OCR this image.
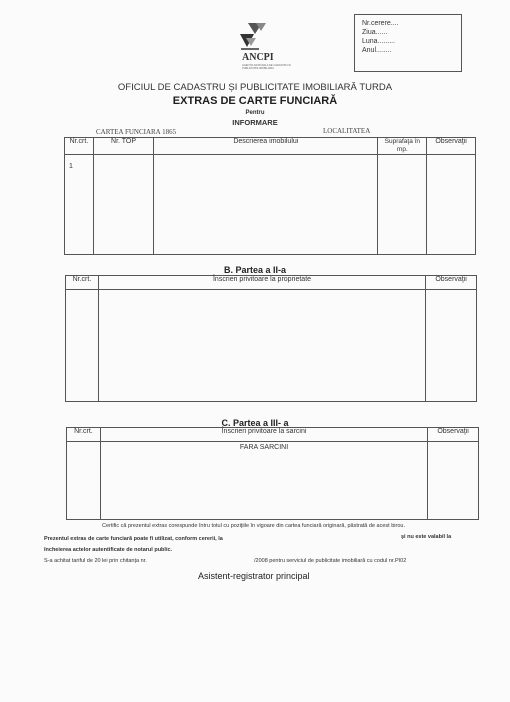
ANCPI
AGENTIA NATIONALA DE CADASTRU SI PUBLICITATE IMOBILIARA
Nr.cerere....
Ziua......
Luna.........
Anul........
OFICIUL DE CADASTRU ȘI PUBLICITATE IMOBILIARĂ TURDA
EXTRAS DE CARTE FUNCIARĂ
Pentru
INFORMARE
CARTEA FUNCIARA 1865	LOCALITATEA
Nr.crt.	Nr. TOP	Descrierea imobilului	Suprafaţa în mp.	Observaţii
1				
B. Partea a II-a
Nr.crt.	Înscrieri privitoare la proprietate	Observaţii

C. Partea a III- a
Nr.crt.	Înscrieri privitoare la sarcini	Observaţii
	FARA SARCINI	
Certific că prezentul extras corespunde întru totul cu poziţiile în vigoare din cartea funciară originară, păstrată de acest birou.
Prezentul extras de carte funciară poate fi utilizat, conform cererii, la	şi nu este valabil la
încheierea actelor autentificate de notarul public.
S-a achitat tariful de 20 lei prin chitanța nr.	/2008 pentru serviciul de publicitate imobiliară cu codul nr.PI02
Asistent-registrator principal
